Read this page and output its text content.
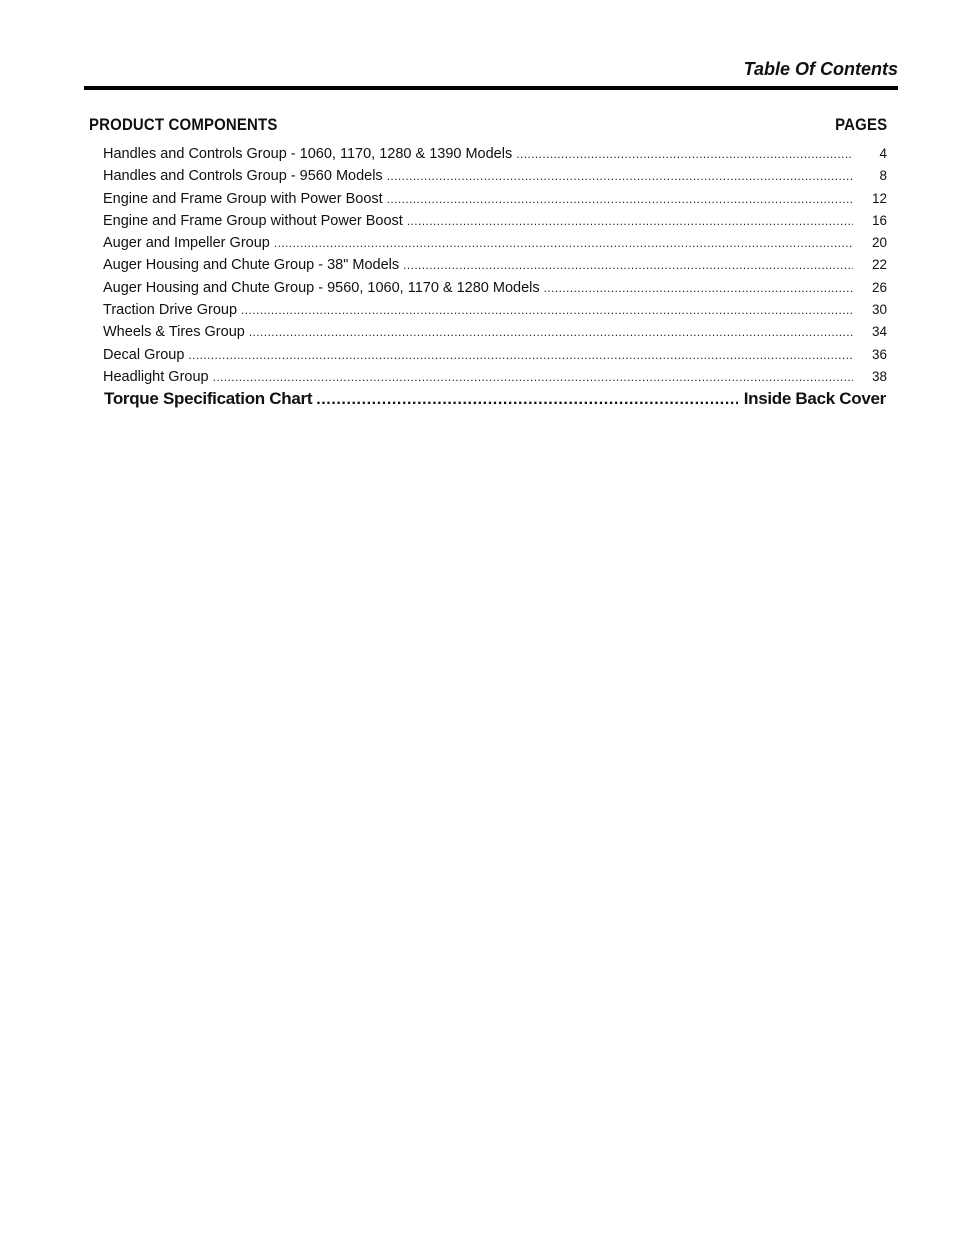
Table Of Contents
PRODUCT COMPONENTS	PAGES
Handles and Controls Group - 1060, 1170, 1280 & 1390 Models .....	4
Handles and Controls Group - 9560 Models .....	8
Engine and Frame Group with Power Boost .....	12
Engine and Frame Group without Power Boost .....	16
Auger and Impeller Group .....	20
Auger Housing and Chute Group - 38" Models .....	22
Auger Housing and Chute Group - 9560, 1060, 1170 & 1280 Models .....	26
Traction Drive Group .....	30
Wheels & Tires Group .....	34
Decal Group .....	36
Headlight Group .....	38
Torque Specification Chart .....	Inside Back Cover
